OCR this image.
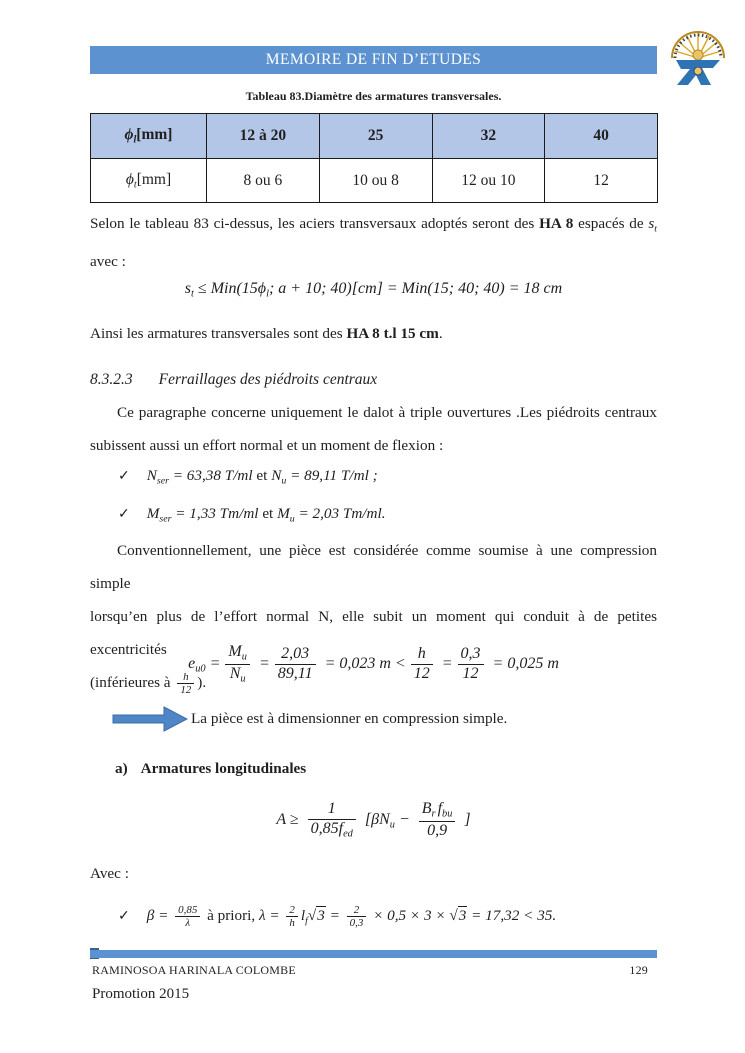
MEMOIRE DE FIN D’ETUDES
Tableau 83.Diamètre des armatures transversales.
$\phi_l[mm]$	12 à 20	25	32	40
$\phi_t[mm]$	8 ou 6	10 ou 8	12 ou 10	12
Selon le tableau 83 ci-dessus, les aciers transversaux adoptés seront des HA 8 espacés de $s_t$
avec :
$s_t \le Min(15\phi_l$; a + 10; 40)[cm] = Min(15; 40; 40) = 18 cm
Ainsi les armatures transversales sont des HA 8 t.l 15 cm.
8.3.2.3 Ferraillages des piédroits centraux
Ce paragraphe concerne uniquement le dalot à triple ouvertures .Les piédroits centraux
subissent aussi un effort normal et un moment de flexion :
✓ $N_{ser} = 63,38$ T/ml et $N_u = 89,11$ T/ml ;
✓ $M_{ser} = 1,33$ Tm/ml et $M_u = 2,03$ Tm/ml.
Conventionnellement, une pièce est considérée comme soumise à une compression simple
lorsqu’en plus de l’effort normal N, elle subit un moment qui conduit à de petites excentricités
(inférieures à $\frac{h}{12}$ ).
$e_{u0} = \frac{M_u}{N_u} = \frac{2,03}{89,11} = 0,023$ $m < \frac{h}{12} = \frac{0,3}{12} = 0,025$ m
La pièce est à dimensionner en compression simple.
a) Armatures longitudinales
$A \ge \frac{1}{0,85f_{ed}} [\beta N_u - \frac{B_r f_{bu}}{0,9}$ ]
Avec :
✓ $\beta = \frac{0,85}{\lambda}$ à priori, $\lambda = \frac{2}{h} l_f√3 = \frac{2}{0,3} \times 0,5 \times 3 \times √3 = 17,32 < 35$.
RAMINOSOA HARINALA COLOMBE	129
Promotion 2015
